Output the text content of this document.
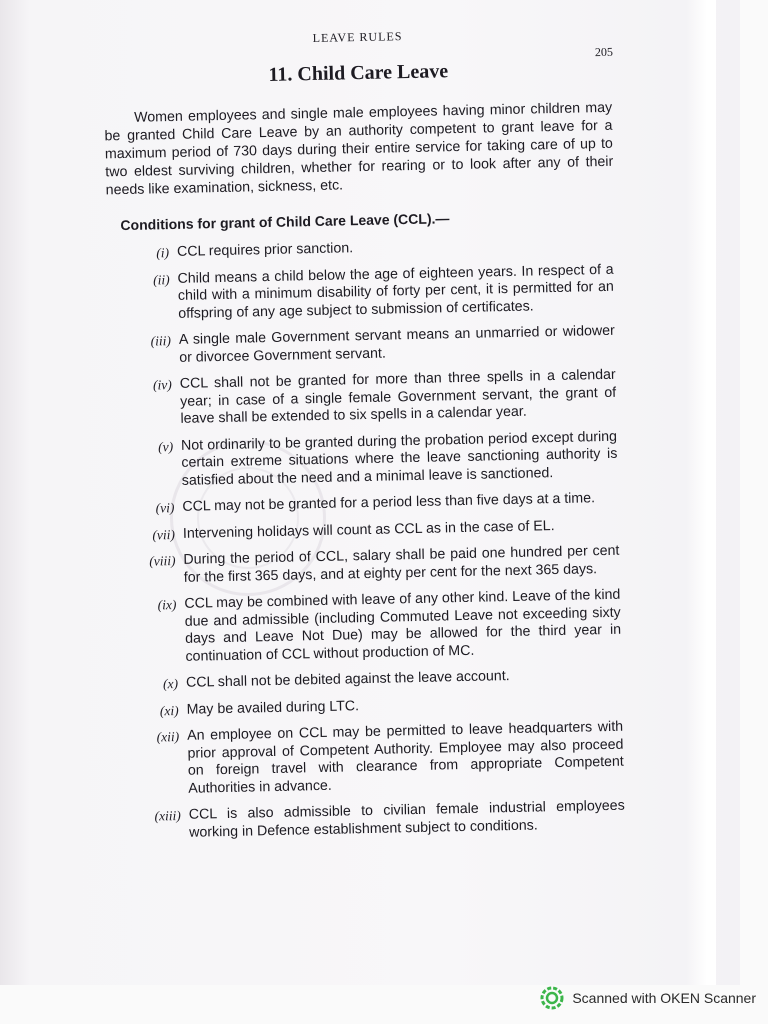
LEAVE RULES
205
11. Child Care Leave

Women employees and single male employees having minor children may be granted Child Care Leave by an authority competent to grant leave for a maximum period of 730 days during their entire service for taking care of up to two eldest surviving children, whether for rearing or to look after any of their needs like examination, sickness, etc.

Conditions for grant of Child Care Leave (CCL).—
(i) CCL requires prior sanction.
(ii) Child means a child below the age of eighteen years. In respect of a child with a minimum disability of forty per cent, it is permitted for an offspring of any age subject to submission of certificates.
(iii) A single male Government servant means an unmarried or widower or divorcee Government servant.
(iv) CCL shall not be granted for more than three spells in a calendar year; in case of a single female Government servant, the grant of leave shall be extended to six spells in a calendar year.
(v) Not ordinarily to be granted during the probation period except during certain extreme situations where the leave sanctioning authority is satisfied about the need and a minimal leave is sanctioned.
(vi) CCL may not be granted for a period less than five days at a time.
(vii) Intervening holidays will count as CCL as in the case of EL.
(viii) During the period of CCL, salary shall be paid one hundred per cent for the first 365 days, and at eighty per cent for the next 365 days.
(ix) CCL may be combined with leave of any other kind. Leave of the kind due and admissible (including Commuted Leave not exceeding sixty days and Leave Not Due) may be allowed for the third year in continuation of CCL without production of MC.
(x) CCL shall not be debited against the leave account.
(xi) May be availed during LTC.
(xii) An employee on CCL may be permitted to leave headquarters with prior approval of Competent Authority. Employee may also proceed on foreign travel with clearance from appropriate Competent Authorities in advance.
(xiii) CCL is also admissible to civilian female industrial employees working in Defence establishment subject to conditions.
Scanned with OKEN Scanner
